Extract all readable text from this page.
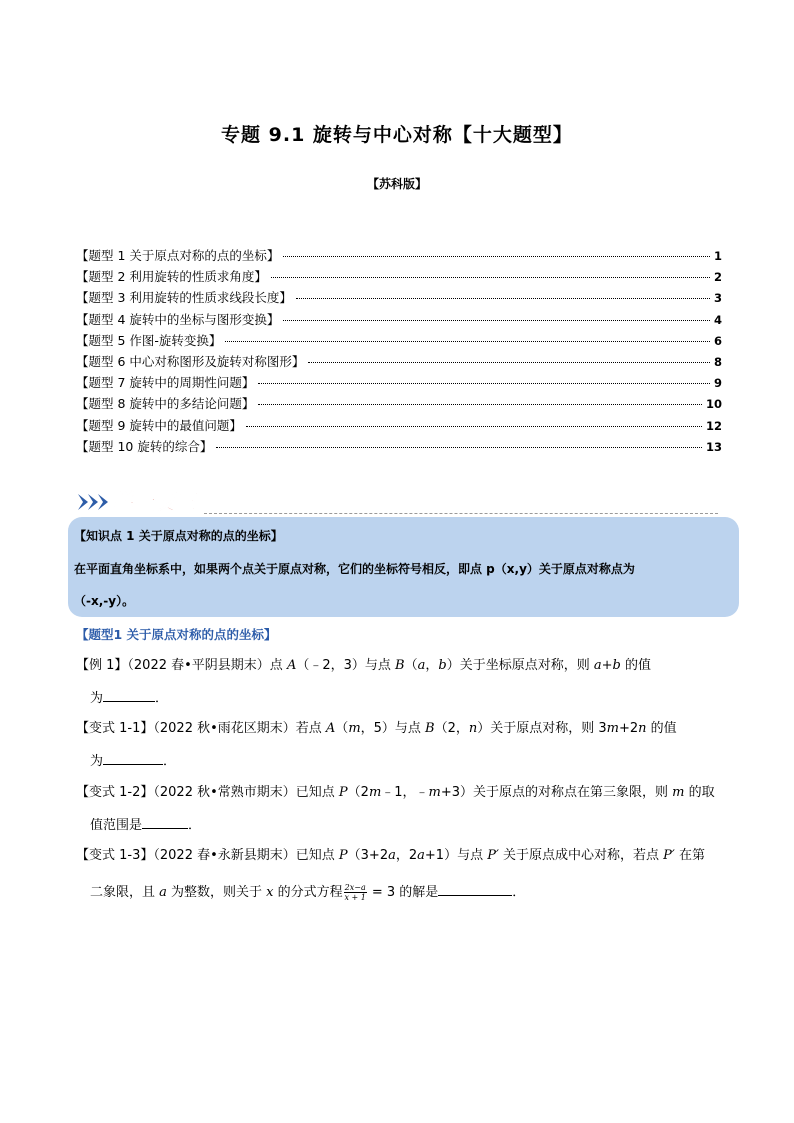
专题 9.1 旋转与中心对称【十大题型】
【苏科版】
【题型 1 关于原点对称的点的坐标】	1
【题型 2 利用旋转的性质求角度】	2
【题型 3 利用旋转的性质求线段长度】	3
【题型 4 旋转中的坐标与图形变换】	4
【题型 5 作图-旋转变换】	6
【题型 6 中心对称图形及旋转对称图形】	8
【题型 7 旋转中的周期性问题】	9
【题型 8 旋转中的多结论问题】	10
【题型 9 旋转中的最值问题】	12
【题型 10 旋转的综合】	13
举一反三
【知识点 1 关于原点对称的点的坐标】
在平面直角坐标系中，如果两个点关于原点对称，它们的坐标符号相反，即点 p（x,y）关于原点对称点为
（-x,-y）。
【题型1 关于原点对称的点的坐标】
【例 1】（2022 春•平阴县期末）点 A（﹣2，3）与点 B（a，b）关于坐标原点对称，则 a+b 的值
为	．
【变式 1-1】（2022 秋•雨花区期末）若点 A（m，5）与点 B（2，n）关于原点对称，则 3m+2n 的值
为	．
【变式 1-2】（2022 秋•常熟市期末）已知点 P（2m﹣1，﹣m+3）关于原点的对称点在第三象限，则 m 的取
值范围是	．
【变式 1-3】（2022 春•永新县期末）已知点 P（3+2a，2a+1）与点 P′ 关于原点成中心对称，若点 P′ 在第
二象限，且 a 为整数，则关于 x 的分式方程 $\frac{2x-a}{x + 1} = 3$ 的解是	．
